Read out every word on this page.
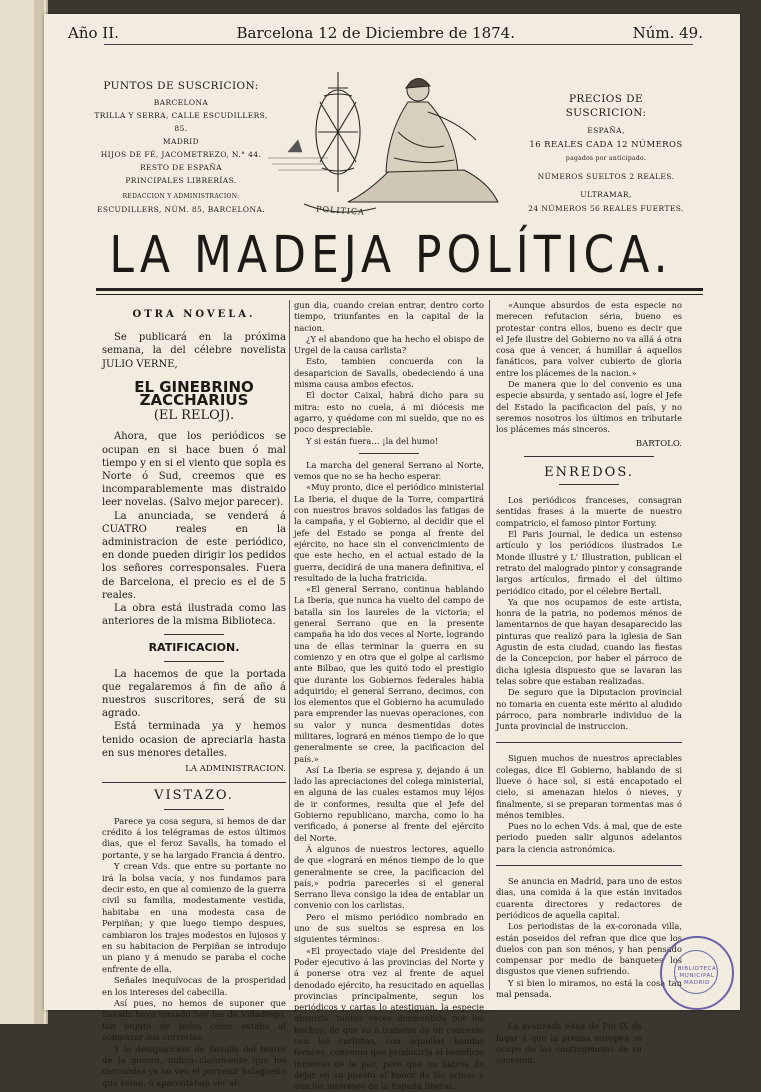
Año II.	Barcelona 12 de Diciembre de 1874.	Núm. 49.
PUNTOS DE SUSCRICION:
BARCELONA
TRILLA Y SERRA, CALLE ESCUDILLERS, 85.
MADRID
HIJOS DE FÉ, JACOMETREZO, N.° 44.
RESTO DE ESPAÑA
PRINCIPALES LIBRERÍAS.
REDACCION Y ADMINISTRACION:
ESCUDILLERS, NÚM. 85, BARCELONA.
PRECIOS DE SUSCRICION:
ESPAÑA,
16 REALES CADA 12 NÚMEROS
pagados por anticipado.
NÚMEROS SUELTOS 2 REALES.
ULTRAMAR,
24 NÚMEROS 56 REALES FUERTES.
POLITICA
LA MADEJA POLÍTICA.
OTRA NOVELA.

Se publicará en la próxima semana, la del célebre novelista JULIO VERNE,

EL GINEBRINO ZACCHARIUS
(EL RELOJ).

Ahora, que los periódicos se ocupan en si hace buen ó mal tiempo y en si el viento que sopla es Norte ó Sud, creemos que es incomparablemente mas distraido leer novelas. (Salvo mejor parecer).

La anunciada, se venderá á CUATRO reales en la administracion de este periódico, en donde pueden dirigir los pedidos los señores corresponsales. Fuera de Barcelona, el precio es el de 5 reales.

La obra está ilustrada como las anteriores de la misma Biblioteca.

RATIFICACION.

La hacemos de que la portada que regalaremos á fin de año á nuestros suscritores, será de su agrado.

Está terminada ya y hemos tenido ocasion de apreciarla hasta en sus menores detalles.

LA ADMINISTRACION.
VISTAZO.

Parece ya cosa segura, si hemos de dar crédito á los telégramas de estos últimos dias, que el feroz Savalls, ha tomado el portante, y se ha largado Francia á dentro.

Y crean Vds. que entre su portante no irá la bolsa vacía, y nos fundamos para decir esto, en que al comienzo de la guerra civil su familia, modestamente vestida, habitaba en una modesta casa de Perpiñan; y que luego tiempo despues, cambiaron los trajes modestos en lujosos y en su habitacion de Perpiñan se introdujo un piano y á menudo se paraba el coche enfrente de ella.

Señales inequívocas de la prosperidad en los intereses del cabecilla.

Así pues, no hemos de suponer que Savalls haya tomado hoy las de Villadiego, tan enjuto de bolsa como estaba al comenzar sus correrías.

Y la desaparicion de Savalls del teatro de la guerra, indica claramente que los carcundas ya no ven el porvenir halagüeño que veian, ó aparentaban ver al-

gun dia, cuando creian entrar, dentro corto tiempo, triunfantes en la capital de la nacion.

¿Y el abandono que ha hecho el obispo de Urgel de la causa carlista?

Esto, tambien concuerda con la desaparicion de Savalls, obedeciendo á una misma causa ambos efectos.

El doctor Caixal, habrá dicho para su mitra: esto no cuela, á mi diócesis me agarro, y quédome con mi sueldo, que no es poco despreciable.

Y si están fuera… ¡la del humo!

La marcha del general Serrano al Norte, vemos que no se ha hecho esperar.

«Muy pronto, dice el periódico ministerial La Iberia, el duque de la Torre, compartirá con nuestros bravos soldados las fatigas de la campaña, y el Gobierno, al decidir que el jefe del Estado se ponga al frente del ejército, no hace sin el convencimiento de que este hecho, en el actual estado de la guerra, decidirá de una manera definitiva, el resultado de la lucha fratricida.

«El general Serrano, continua hablando La Iberia, que nunca ha vuelto del campo de batalla sin los laureles de la victoria; el general Serrano que en la presente campaña ha ido dos veces al Norte, logrando una de ellas terminar la guerra en su comienzo y en otra que el golpe al carlismo ante Bilbao, que les quitó todo el prestigio que durante los Gobiernos federales habia adquirido; el general Serrano, decimos, con los elementos que el Gobierno ha acumulado para emprender las nuevas operaciones, con su valor y nunca desmentidas dotes militares, logrará en ménos tiempo de lo que generalmente se cree, la pacificacion del país.»

Así La Iberia se espresa y, dejando á un lado las apreciaciones del colega ministerial, en alguna de las cuales estamos muy léjos de ir conformes, resulta que el Jefe del Gobierno republicano, marcha, como lo ha verificado, á ponerse al frente del ejército del Norte.

Á algunos de nuestros lectores, aquello de que «logrará en ménos tiempo de lo que generalmente se cree, la pacificacion del país,» podria parecerles si el general Serrano lleva consigo la idea de entablar un convenio con los carlistas.

Pero el mismo periódico nombrado en uno de sus sueltos se espresa en los siguientes términos:

«El proyectado viaje del Presidente del Poder ejecutivo á las provincias del Norte y á ponerse otra vez al frente de aquel denodado ejército, ha resucitado en aquellas provincias principalmente, segun los periódicos y cartas lo atestiguan, la especie absurda, tantas veces desmentida por los hechos, de que va á tratarse de un convenio con los carlistas, con aquellas bandas feroces, convenio que produciría el beneficio inmenso de la paz, pero que no habria de dejar en su puesto el honor de las armas y aun los intereses de la España liberal.

«Aunque absurdos de esta especie no merecen refutacion séria, bueno es protestar contra ellos, bueno es decir que el Jefe ilustre del Gobierno no va allá á otra cosa que á vencer, á humillar á aquellos fanáticos, para volver cubierto de gloria entre los plácemes de la nacion.»

De manera que lo del convenio es una especie absurda, y sentado así, logre el Jefe del Estado la pacificacion del país, y no seremos nosotros los últimos en tributarle los plácemes más sinceros.

BARTOLO.
ENREDOS.

Los periódicos franceses, consagran sentidas frases á la muerte de nuestro compatricio, el famoso pintor Fortuny.

El Paris Journal, le dedica un estenso artículo y los periódicos ilustrados Le Monde illustré y L' Illustration, publican el retrato del malogrado pintor y consagrande largos artículos, firmado el del último periódico citado, por el célebre Bertall.

Ya que nos ocupamos de este artista, honra de la patria, no podemos ménos de lamentarnos de que hayan desaparecido las pinturas que realizó para la iglesia de San Agustin de esta ciudad, cuando las fiestas de la Concepcion, por haber el párroco de dicha iglesia dispuesto que se lavaran las telas sobre que estaban realizadas.

De seguro que la Diputacion provincial no tomaria en cuenta este mérito al aludido párroco, para nombrarle individuo de la Junta provincial de instruccion.

Siguen muchos de nuestros apreciables colegas, dice El Gobierno, hablando de si llueve ó hace sol, si está encapotado el cielo, si amenazan hielos ó nieves, y finalmente, si se preparan tormentas mas ó ménos temibles.

Pues no lo echen Vds. á mal, que de este periodo pueden salir algunos adelantos para la ciencia astronómica.

Se anuncia en Madrid, para uno de estos dias, una comida á la que están invitados cuarenta directores y redactores de periódicos de aquella capital.

Los periodistas de la ex-coronada villa, están poseidos del refran que dice que los duelos con pan son ménos, y han pensado compensar por medio de banquetes los disgustos que vienen sufriendo.

Y si bien lo miramos, no está la cosa tan mal pensada.

La avanzada edad de Pio IX da lugar á que la prensa europea se ocupe de las contingencias de su sucesion.

BIBLIOTECA MUNICIPAL MADRID
